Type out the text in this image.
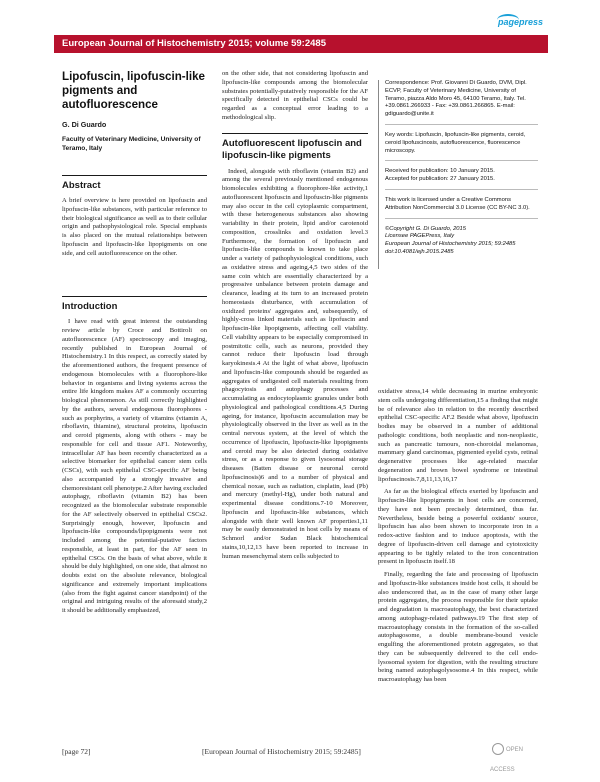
European Journal of Histochemistry 2015; volume 59:2485
pagepress
Lipofuscin, lipofuscin-like pigments and autofluorescence
G. Di Guardo
Faculty of Veterinary Medicine, University of Teramo, Italy
Abstract

A brief overview is here provided on lipofuscin and lipofuscin-like substances, with particular reference to their biological significance as well as to their cellular origin and pathophysiological role. Special emphasis is also placed on the mutual relationships between lipofuscin and lipofuscin-like lipopigments on one side, and cell autofluorescence on the other.

Introduction

I have read with great interest the outstanding review article by Croce and Bottiroli on autofluorescence (AF) spectroscopy and imaging, recently published in European Journal of Histochemistry.1 In this respect, as correctly stated by the aforementioned authors, the frequent presence of endogenous biomolecules with a fluorophore-like behavior in organisms and living systems across the entire life kingdom makes AF a commonly occurring biological phenomenon. As still correctly highlighted by the authors, several endogenous fluorophores - such as porphyrins, a variety of vitamins (vitamin A, riboflavin, thiamine), structural proteins, lipofuscin and ceroid pigments, along with others - may be responsible for cell and tissue AF1. Noteworthy, intracellular AF has been recently characterized as a selective biomarker for epithelial cancer stem cells (CSCs), with such epithelial CSC-specific AF being also accompanied by a strongly invasive and chemoresistant cell phenotype.2 After having excluded autophagy, riboflavin (vitamin B2) has been recognized as the biomolecular substrate responsible for the AF selectively observed in epithelial CSCs2. Surprisingly enough, however, lipofuscin and lipofuscin-like compounds/lipopigments were not included among the potential-putative factors responsible, at least in part, for the AF seen in epithelial CSCs. On the basis of what above, while it should be duly highlighted, on one side, that almost no doubts exist on the absolute relevance, biological significance and extremely important implications (also from the fight against cancer standpoint) of the original and intriguing results of the aforesaid study,2 it should be additionally emphasized,

on the other side, that not considering lipofuscin and lipofuscin-like compounds among the biomolecular substrates potentially-putatively responsible for the AF specifically detected in epithelial CSCs could be regarded as a conceptual error leading to a methodological slip.

Autofluorescent lipofuscin and lipofuscin-like pigments

Indeed, alongside with riboflavin (vitamin B2) and among the several previously mentioned endogenous biomolecules exhibiting a fluorophore-like activity,1 autofluorescent lipofuscin and lipofuscin-like pigments may also occur in the cell cytoplasmic compartment, with these heterogeneous substances also showing variability in their protein, lipid and/or carotenoid composition, crosslinks and oxidation level.3 Furthermore, the formation of lipofuscin and lipofuscin-like compounds is known to take place under a variety of pathophysiological conditions, such as oxidative stress and ageing,4,5 two sides of the same coin which are essentially characterized by a progressive unbalance between protein damage and clearance, leading at its turn to an increased protein homeostasis disturbance, with accumulation of oxidized proteins' aggregates and, subsequently, of highly-cross linked materials such as lipofuscin and lipofuscin-like lipopigments, affecting cell viability. Cell viability appears to be especially compromised in postmitotic cells, such as neurons, provided they cannot reduce their lipofuscin load through karyokinesis.4 At the light of what above, lipofuscin and lipofuscin-like compounds should be regarded as aggregates of undigested cell materials resulting from phagocytosis and autophagy processes and accumulating as endocytoplasmic granules under both physiological and pathological conditions.4,5 During ageing, for instance, lipofuscin accumulation may be physiologically observed in the liver as well as in the central nervous system, at the level of which the occurrence of lipofuscin, lipofuscin-like lipopigments and ceroid may be also detected during oxidative stress, or as a response to given lysosomal storage diseases (Batten disease or neuronal ceroid lipofuscinosis)6 and to a number of physical and chemical noxae, such as radiation, cisplatin, lead (Pb) and mercury (methyl-Hg), under both natural and experimental disease conditions.7-10 Moreover, lipofuscin and lipofuscin-like substances, which alongside with their well known AF properties1,11 may be easily demonstrated in host cells by means of Schmorl and/or Sudan Black histochemical stains,10,12,13 have been reported to increase in human mesenchymal stem cells subjected to

Correspondence: Prof. Giovanni Di Guardo, DVM, Dipl. ECVP, Faculty of Veterinary Medicine, University of Teramo, piazza Aldo Moro 45, 64100 Teramo, Italy. Tel. +39.0861.266933 - Fax: +39.0861.266865. E-mail: gdiguardo@unite.it
Key words: Lipofuscin, lipofuscin-like pigments, ceroid, ceroid lipofuscinosis, autofluorescence, fluorescence microscopy.
Received for publication: 10 January 2015.
Accepted for publication: 27 January 2015.
This work is licensed under a Creative Commons Attribution NonCommercial 3.0 License (CC BY-NC 3.0).
©Copyright G. Di Guardo, 2015
Licensee PAGEPress, Italy
European Journal of Histochemistry 2015; 59:2485
doi:10.4081/ejh.2015.2485

oxidative stress,14 while decreasing in murine embryonic stem cells undergoing differentiation,15 a finding that might be of relevance also in relation to the recently described epithelial CSC-specific AF.2 Beside what above, lipofuscin bodies may be observed in a number of additional pathologic conditions, both neoplastic and non-neoplastic, such as pancreatic tumours, non-choroidal melanomas, mammary gland carcinomas, pigmented eyelid cysts, retinal degenerative processes like age-related macular degeneration and brown bowel syndrome or intestinal lipofuscinosis.7,8,11,13,16,17

As far as the biological effects exerted by lipofuscin and lipofuscin-like lipopigments in host cells are concerned, they have not been precisely determined, thus far. Nevertheless, beside being a powerful oxidants' source, lipofuscin has also been shown to incorporate iron in a redox-active fashion and to induce apoptosis, with the degree of lipofuscin-driven cell damage and cytotoxicity appearing to be tightly related to the iron concentration present in lipofuscin itself.18

Finally, regarding the fate and processing of lipofuscin and lipofuscin-like substances inside host cells, it should be also underscored that, as in the case of many other large protein aggregates, the process responsible for their uptake and degradation is macroautophagy, the best characterized among autophagy-related pathways.19 The first step of macroautophagy consists in the formation of the so-called autophagosome, a double membrane-bound vesicle engulfing the aforementioned protein aggregates, so that they can be subsequently delivered to the cell endo-lysosomal system for digestion, with the resulting structure being named autophagolysosome.4 In this respect, while macroautophagy has been

[page 72]	[European Journal of Histochemistry 2015; 59:2485]	OPEN ACCESS
